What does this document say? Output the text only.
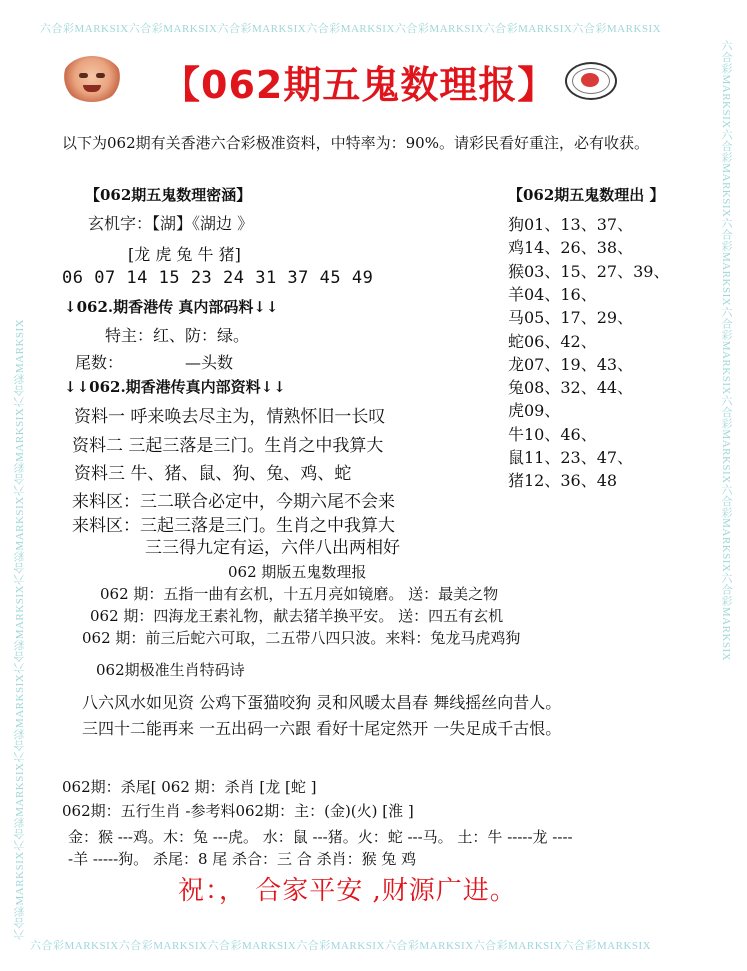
六合彩MARKSIX六合彩MARKSIX六合彩MARKSIX六合彩MARKSIX六合彩MARKSIX六合彩MARKSIX六合彩MARKSIX
六合彩MARKSIX六合彩MARKSIX六合彩MARKSIX六合彩MARKSIX六合彩MARKSIX六合彩MARKSIX六合彩MARKSIX
六合彩MARKSIX六合彩MARKSIX六合彩MARKSIX六合彩MARKSIX六合彩MARKSIX六合彩MARKSIX六合彩MARKSIX	六合彩MARKSIX六合彩MARKSIX六合彩MARKSIX六合彩MARKSIX六合彩MARKSIX六合彩MARKSIX六合彩MARKSIX
【062期五鬼数理报】
以下为062期有关香港六合彩极准资料，中特率为：90%。请彩民看好重注，必有收获。
【062期五鬼数理密涵】
玄机字：【湖】《湖边 》
[龙 虎 兔 牛 猪]
06 07 14 15 23 24 31 37 45 49
↓062.期香港传 真内部码料↓↓
特主：红、防：绿。
尾数：	—头数
↓↓062.期香港传真内部资料↓↓
资料一 呼来唤去尽主为，情熟怀旧一长叹
资料二 三起三落是三门。生肖之中我算大
资料三 牛、猪、鼠、狗、兔、鸡、蛇
来料区：三二联合必定中，今期六尾不会来
来料区：三起三落是三门。生肖之中我算大
三三得九定有运，六伴八出两相好
【062期五鬼数理出 】
狗01、13、37、
鸡14、26、38、
猴03、15、27、39、
羊04、16、
马05、17、29、
蛇06、42、
龙07、19、43、
兔08、32、44、
虎09、
牛10、46、
鼠11、23、47、
猪12、36、48
062 期版五鬼数理报
062 期：五指一曲有玄机，十五月亮如镜磨。 送：最美之物
062 期：四海龙王素礼物，献去猪羊换平安。 送：四五有玄机
062 期：前三后蛇六可取，二五带八四只波。来料：兔龙马虎鸡狗
062期极准生肖特码诗
八六风水如见资 公鸡下蛋猫咬狗 灵和风暖太昌春 舞线摇丝向昔人。
三四十二能再来 一五出码一六跟 看好十尾定然开 一失足成千古恨。
062期：杀尾[ 062 期：杀肖 [龙 [蛇 ]
062期：五行生肖 -参考料062期：主：(金)(火) [淮 ]
金：猴 ---鸡。木：兔 ---虎。 水：鼠 ---猪。火：蛇 ---马。 土：牛 -----龙 ----
-羊 -----狗。 杀尾：8 尾 杀合：三 合 杀肖：猴 兔 鸡
祝：， 合家平安 ,财源广进。
